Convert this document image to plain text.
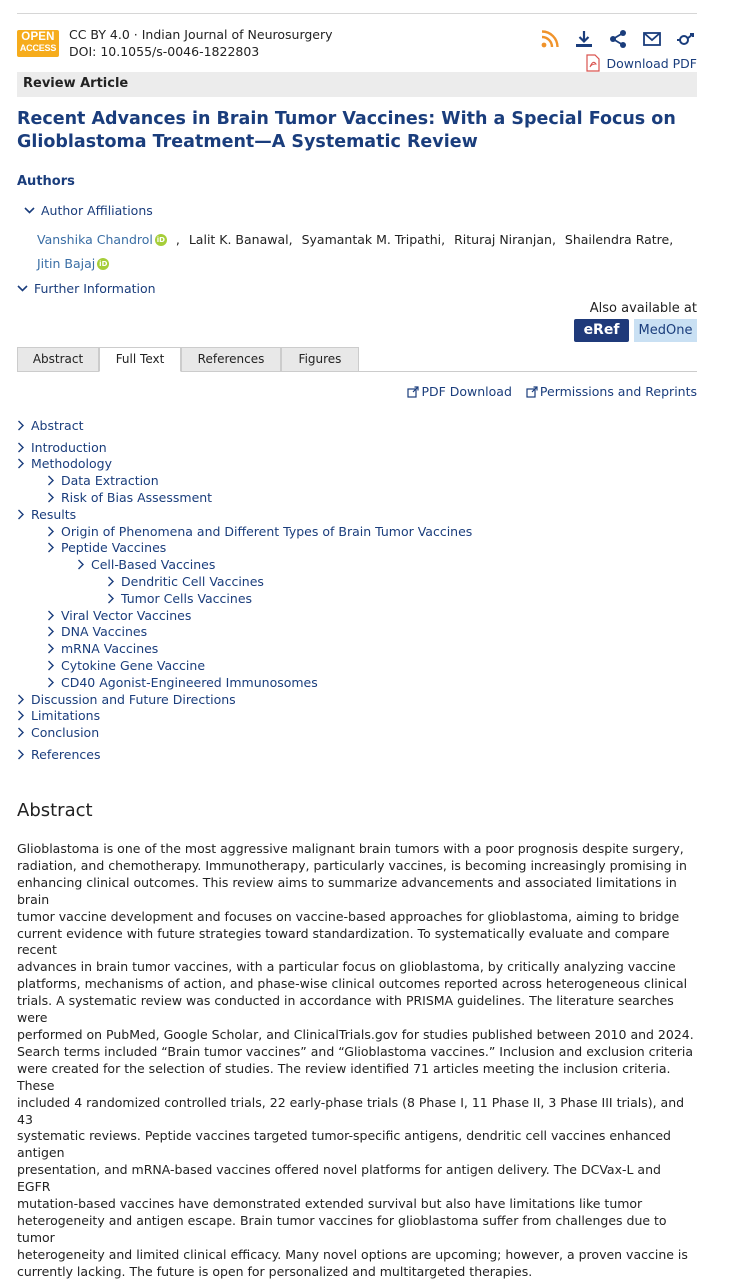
OPEN
ACCESS
CC BY 4.0 · Indian Journal of Neurosurgery
DOI: 10.1055/s-0046-1822803
Download PDF
Review Article
Recent Advances in Brain Tumor Vaccines: With a Special Focus on Glioblastoma Treatment—A Systematic Review
Authors
Author Affiliations
Vanshika Chandrol iD , Lalit K. Banawal, Syamantak M. Tripathi, Rituraj Niranjan, Shailendra Ratre,
Jitin Bajaj iD
Further Information
Also available at
eRef	MedOne
Abstract	Full Text	References	Figures
PDF Download Permissions and Reprints
Abstract
Introduction
Methodology
Data Extraction
Risk of Bias Assessment
Results
Origin of Phenomena and Different Types of Brain Tumor Vaccines
Peptide Vaccines
Cell-Based Vaccines
Dendritic Cell Vaccines
Tumor Cells Vaccines
Viral Vector Vaccines
DNA Vaccines
mRNA Vaccines
Cytokine Gene Vaccine
CD40 Agonist-Engineered Immunosomes
Discussion and Future Directions
Limitations
Conclusion
References
Abstract
Glioblastoma is one of the most aggressive malignant brain tumors with a poor prognosis despite surgery,
radiation, and chemotherapy. Immunotherapy, particularly vaccines, is becoming increasingly promising in
enhancing clinical outcomes. This review aims to summarize advancements and associated limitations in brain
tumor vaccine development and focuses on vaccine-based approaches for glioblastoma, aiming to bridge
current evidence with future strategies toward standardization. To systematically evaluate and compare recent
advances in brain tumor vaccines, with a particular focus on glioblastoma, by critically analyzing vaccine
platforms, mechanisms of action, and phase-wise clinical outcomes reported across heterogeneous clinical
trials. A systematic review was conducted in accordance with PRISMA guidelines. The literature searches were
performed on PubMed, Google Scholar, and ClinicalTrials.gov for studies published between 2010 and 2024.
Search terms included “Brain tumor vaccines” and “Glioblastoma vaccines.” Inclusion and exclusion criteria
were created for the selection of studies. The review identified 71 articles meeting the inclusion criteria. These
included 4 randomized controlled trials, 22 early-phase trials (8 Phase I, 11 Phase II, 3 Phase III trials), and 43
systematic reviews. Peptide vaccines targeted tumor-specific antigens, dendritic cell vaccines enhanced antigen
presentation, and mRNA-based vaccines offered novel platforms for antigen delivery. The DCVax-L and EGFR
mutation-based vaccines have demonstrated extended survival but also have limitations like tumor
heterogeneity and antigen escape. Brain tumor vaccines for glioblastoma suffer from challenges due to tumor
heterogeneity and limited clinical efficacy. Many novel options are upcoming; however, a proven vaccine is
currently lacking. The future is open for personalized and multitargeted therapies.
